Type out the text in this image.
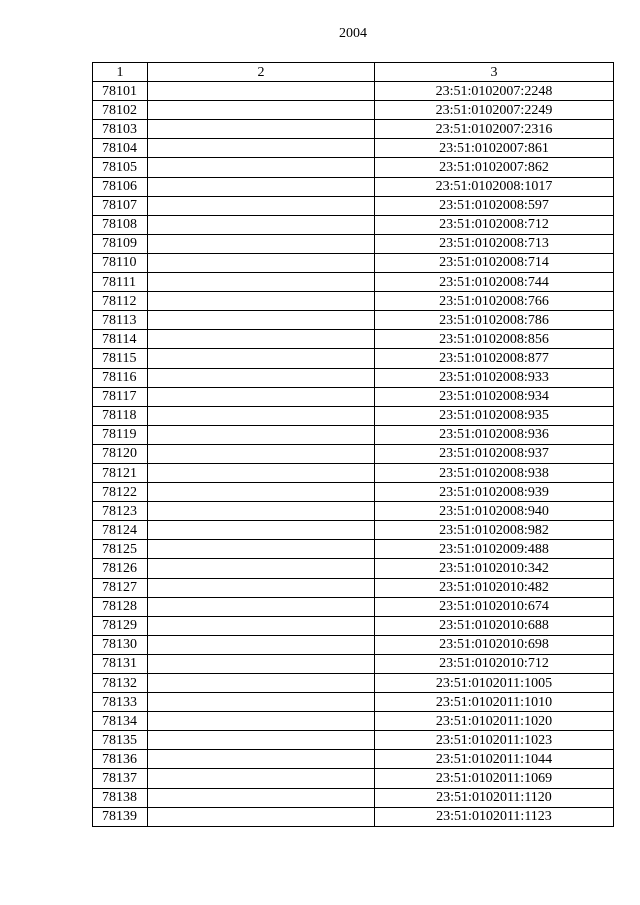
2004
1	2	3
78101		23:51:0102007:2248
78102		23:51:0102007:2249
78103		23:51:0102007:2316
78104		23:51:0102007:861
78105		23:51:0102007:862
78106		23:51:0102008:1017
78107		23:51:0102008:597
78108		23:51:0102008:712
78109		23:51:0102008:713
78110		23:51:0102008:714
78111		23:51:0102008:744
78112		23:51:0102008:766
78113		23:51:0102008:786
78114		23:51:0102008:856
78115		23:51:0102008:877
78116		23:51:0102008:933
78117		23:51:0102008:934
78118		23:51:0102008:935
78119		23:51:0102008:936
78120		23:51:0102008:937
78121		23:51:0102008:938
78122		23:51:0102008:939
78123		23:51:0102008:940
78124		23:51:0102008:982
78125		23:51:0102009:488
78126		23:51:0102010:342
78127		23:51:0102010:482
78128		23:51:0102010:674
78129		23:51:0102010:688
78130		23:51:0102010:698
78131		23:51:0102010:712
78132		23:51:0102011:1005
78133		23:51:0102011:1010
78134		23:51:0102011:1020
78135		23:51:0102011:1023
78136		23:51:0102011:1044
78137		23:51:0102011:1069
78138		23:51:0102011:1120
78139		23:51:0102011:1123
